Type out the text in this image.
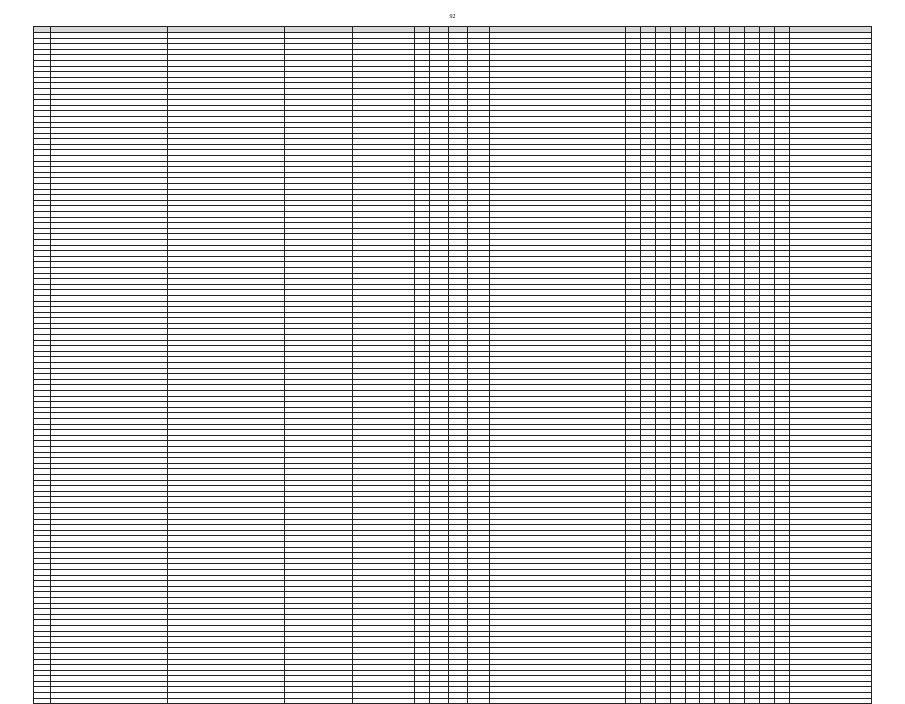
92
